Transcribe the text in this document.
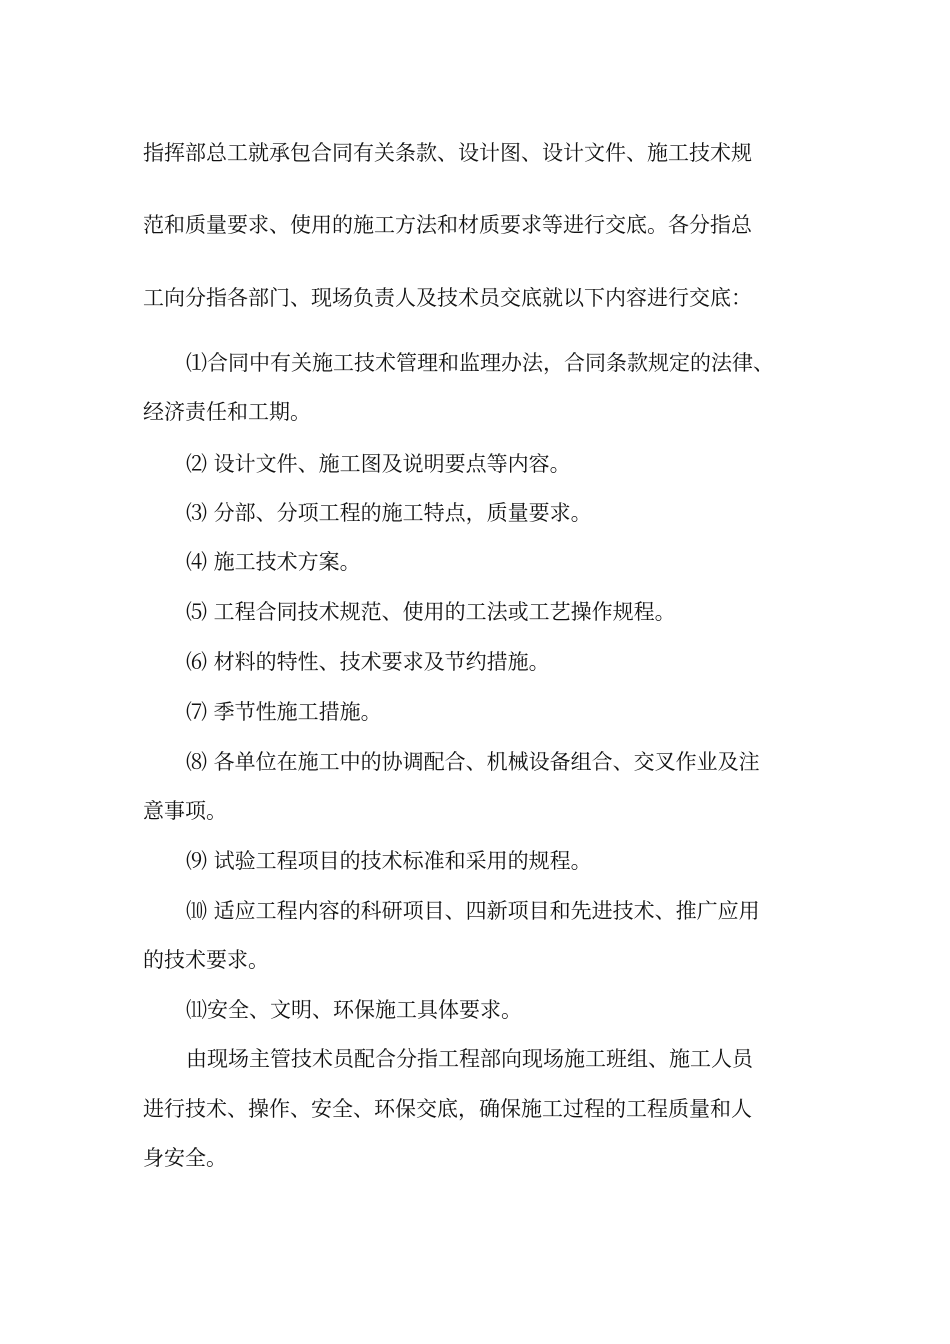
指挥部总工就承包合同有关条款、设计图、设计文件、施工技术规
范和质量要求、使用的施工方法和材质要求等进行交底。各分指总
工向分指各部门、现场负责人及技术员交底就以下内容进行交底：
⑴合同中有关施工技术管理和监理办法，合同条款规定的法律、
经济责任和工期。
⑵ 设计文件、施工图及说明要点等内容。
⑶ 分部、分项工程的施工特点，质量要求。
⑷ 施工技术方案。
⑸ 工程合同技术规范、使用的工法或工艺操作规程。
⑹ 材料的特性、技术要求及节约措施。
⑺ 季节性施工措施。
⑻ 各单位在施工中的协调配合、机械设备组合、交叉作业及注
意事项。
⑼ 试验工程项目的技术标准和采用的规程。
⑽ 适应工程内容的科研项目、四新项目和先进技术、推广应用
的技术要求。
⑾安全、文明、环保施工具体要求。
由现场主管技术员配合分指工程部向现场施工班组、施工人员
进行技术、操作、安全、环保交底，确保施工过程的工程质量和人
身安全。
